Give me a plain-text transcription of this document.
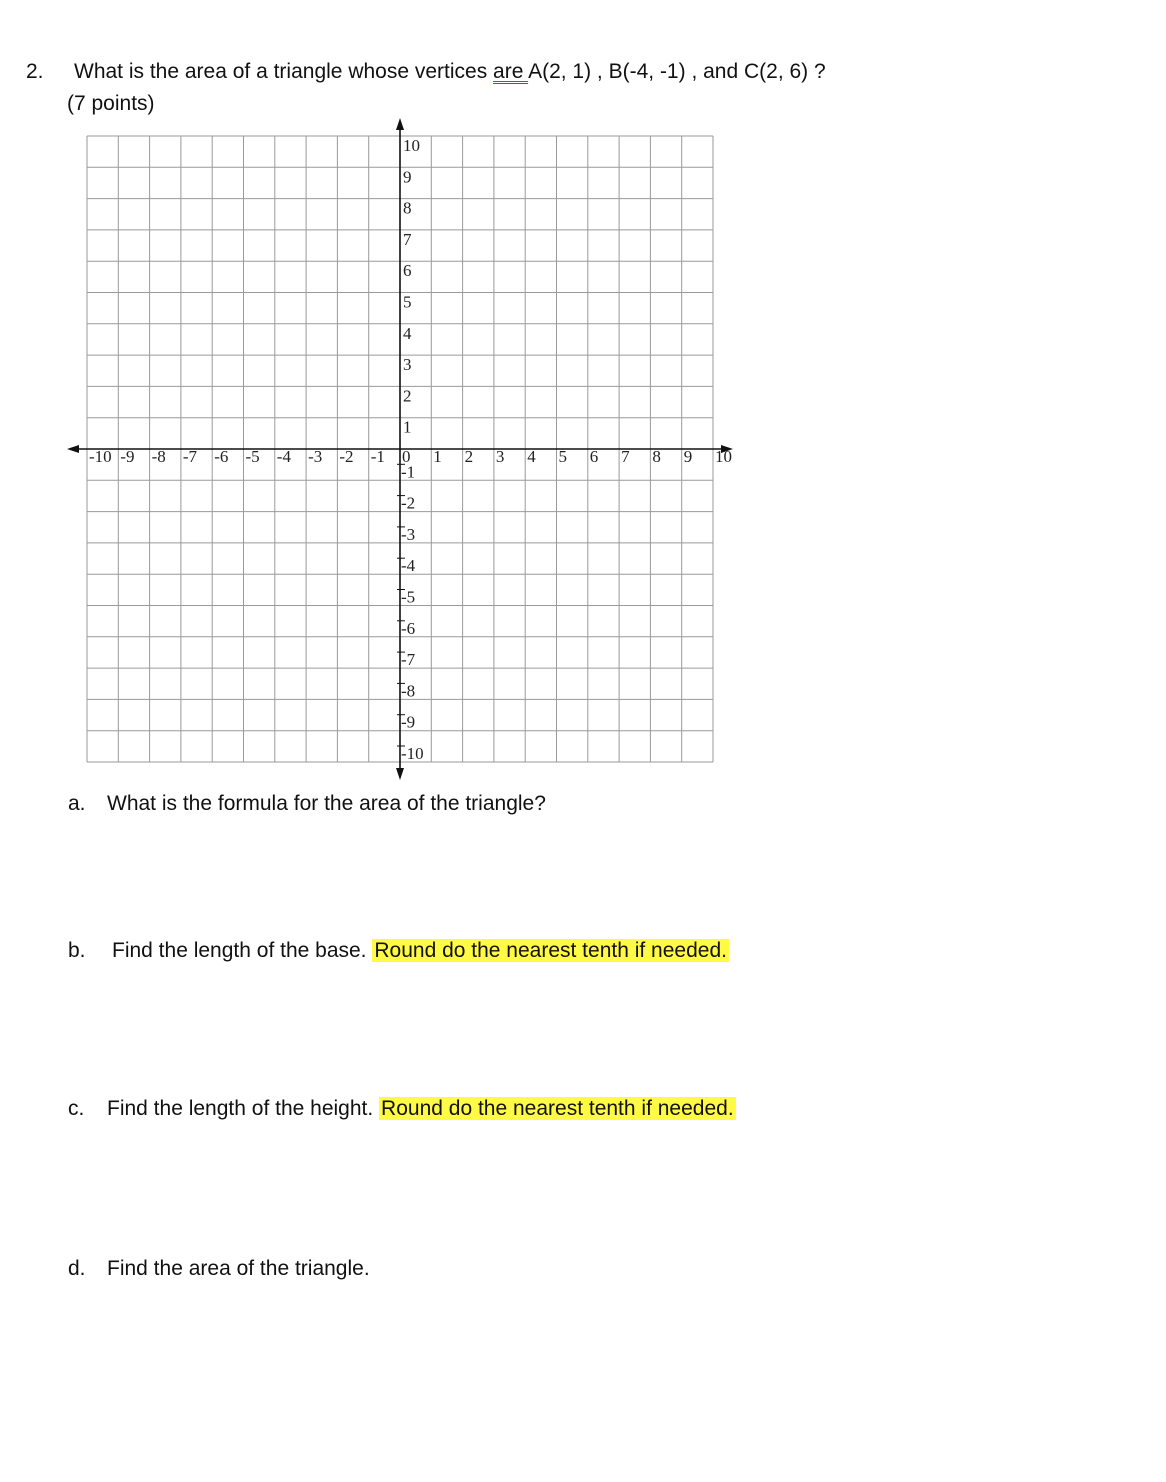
2. What is the area of a triangle whose vertices are A(2, 1) , B(-4, -1) , and C(2, 6) ?
(7 points)
-10 -9 -8 -7 -6 -5 -4 -3 -2 -1 0 1 2 3 4 5 6 7 8 9 10
10
9
8
7
6
5
4
3
2
1
-1
-2
-3
-4
-5
-6
-7
-8
-9
-10
a. What is the formula for the area of the triangle?
b. Find the length of the base. Round do the nearest tenth if needed.
c. Find the length of the height. Round do the nearest tenth if needed.
d. Find the area of the triangle.
